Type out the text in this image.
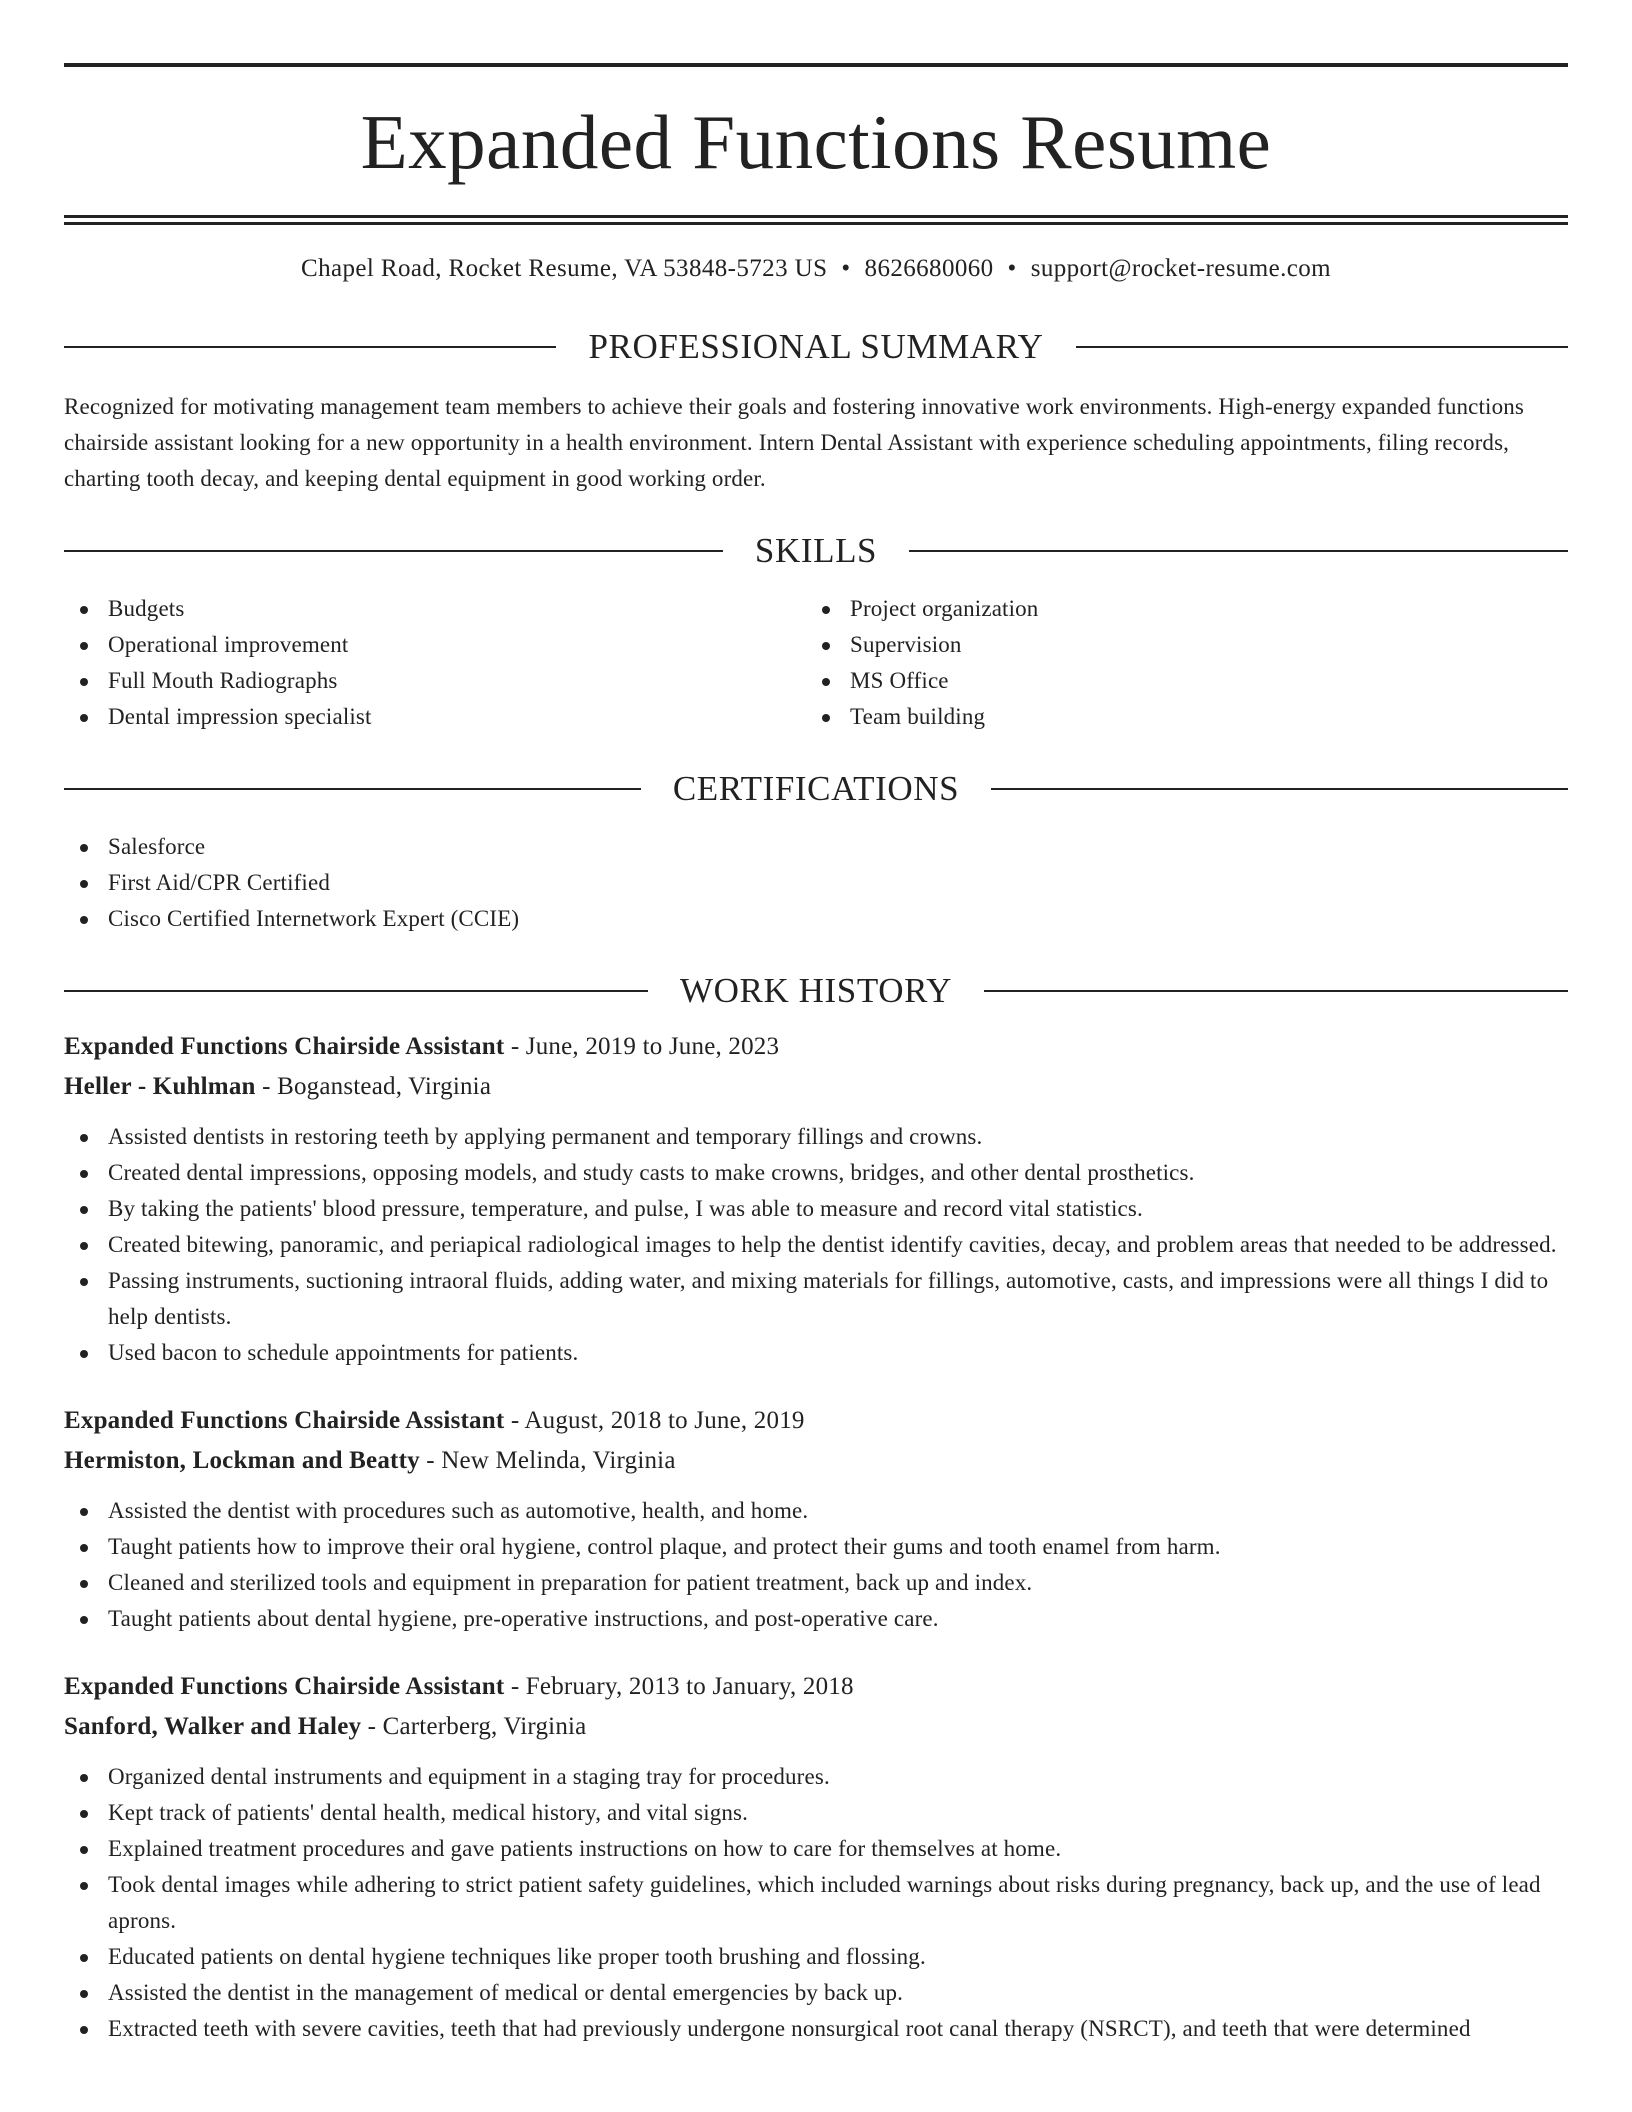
Expanded Functions Resume
Chapel Road, Rocket Resume, VA 53848-5723 US • 8626680060 • support@rocket-resume.com
PROFESSIONAL SUMMARY
Recognized for motivating management team members to achieve their goals and fostering innovative work environments. High-energy expanded functions chairside assistant looking for a new opportunity in a health environment. Intern Dental Assistant with experience scheduling appointments, filing records, charting tooth decay, and keeping dental equipment in good working order.
SKILLS
Budgets
Operational improvement
Full Mouth Radiographs
Dental impression specialist
Project organization
Supervision
MS Office
Team building
CERTIFICATIONS
Salesforce
First Aid/CPR Certified
Cisco Certified Internetwork Expert (CCIE)
WORK HISTORY
Expanded Functions Chairside Assistant - June, 2019 to June, 2023
Heller - Kuhlman - Boganstead, Virginia
Assisted dentists in restoring teeth by applying permanent and temporary fillings and crowns.
Created dental impressions, opposing models, and study casts to make crowns, bridges, and other dental prosthetics.
By taking the patients' blood pressure, temperature, and pulse, I was able to measure and record vital statistics.
Created bitewing, panoramic, and periapical radiological images to help the dentist identify cavities, decay, and problem areas that needed to be addressed.
Passing instruments, suctioning intraoral fluids, adding water, and mixing materials for fillings, automotive, casts, and impressions were all things I did to help dentists.
Used bacon to schedule appointments for patients.
Expanded Functions Chairside Assistant - August, 2018 to June, 2019
Hermiston, Lockman and Beatty - New Melinda, Virginia
Assisted the dentist with procedures such as automotive, health, and home.
Taught patients how to improve their oral hygiene, control plaque, and protect their gums and tooth enamel from harm.
Cleaned and sterilized tools and equipment in preparation for patient treatment, back up and index.
Taught patients about dental hygiene, pre-operative instructions, and post-operative care.
Expanded Functions Chairside Assistant - February, 2013 to January, 2018
Sanford, Walker and Haley - Carterberg, Virginia
Organized dental instruments and equipment in a staging tray for procedures.
Kept track of patients' dental health, medical history, and vital signs.
Explained treatment procedures and gave patients instructions on how to care for themselves at home.
Took dental images while adhering to strict patient safety guidelines, which included warnings about risks during pregnancy, back up, and the use of lead aprons.
Educated patients on dental hygiene techniques like proper tooth brushing and flossing.
Assisted the dentist in the management of medical or dental emergencies by back up.
Extracted teeth with severe cavities, teeth that had previously undergone nonsurgical root canal therapy (NSRCT), and teeth that were determined
